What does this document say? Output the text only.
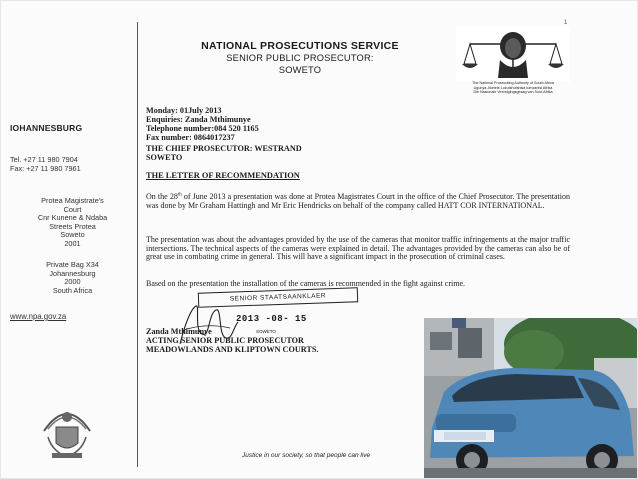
1
NATIONAL PROSECUTIONS SERVICE
SENIOR PUBLIC PROSECUTOR:
SOWETO
The National Prosecuting Authority of South Africa
Ugunya Jikelele Lokutshutshisa Iumzantsi Afrika
Die Nasionale Vervolgingsgesag van Suid-Afrika
IOHANNESBURG
Tel. +27 11 980 7904
Fax: +27 11 980 7961
Protea Magistrate's
Court
Cnr Kunene & Ndaba
Streets Protea
Soweto
2001
Private Bag X34
Johannesburg
2000
South Africa
www.npa.gov.za
Monday: 01July 2013
Enquiries: Zanda Mthimunye
Telephone number:084 520 1165
Fax number: 0864017237
THE CHIEF PROSECUTOR: WESTRAND
SOWETO
THE LETTER OF RECOMMENDATION
On the 28th of June 2013 a presentation was done at Protea Magistrates Court in the office of the Chief Prosecutor. The presentation was done by Mr Graham Hattingh and Mr Eric Hendricks on behalf of the company called HATT COR INTERNATIONAL.
The presentation was about the advantages provided by the use of the cameras that monitor traffic infringements at the major traffic intersections. The technical aspects of the cameras were explained in detail. The advantages provided by the cameras can also be of great use in combating crime in general. This will have a significant impact in the prosecution of criminal cases.
Based on the presentation the installation of the cameras is recommended in the fight against crime.
SENIOR STAATSAANKLAER
2013 -08- 15
SOWETO
Zanda Mthimunye
ACTING SENIOR PUBLIC PROSECUTOR
MEADOWLANDS AND KLIPTOWN COURTS.
Justice in our society, so that people can live
